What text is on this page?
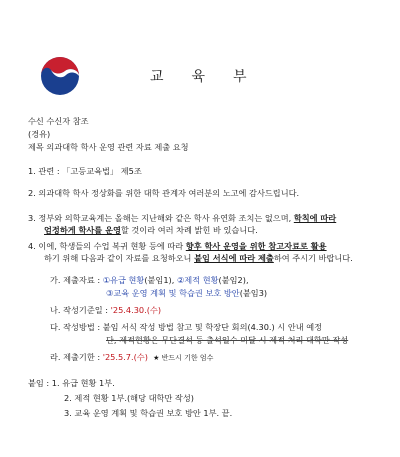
교육부
수신 수신자 참조
(경유)
제목 의과대학 학사 운영 관련 자료 제출 요청
1. 관련 : 「고등교육법」 제5조
2. 의과대학 학사 정상화를 위한 대학 관계자 여러분의 노고에 감사드립니다.
3. 정부와 의학교육계는 올해는 지난해와 같은 학사 유연화 조치는 없으며, 학칙에 따라
엄정하게 학사를 운영할 것이라 여러 차례 밝힌 바 있습니다.
4. 이에, 학생들의 수업 복귀 현황 등에 따라 향후 학사 운영을 위한 참고자료로 활용
하기 위해 다음과 같이 자료를 요청하오니 붙임 서식에 따라 제출하여 주시기 바랍니다.
가. 제출자료 : ①유급 현황(붙임1), ②제적 현황(붙임2),
③교육 운영 계획 및 학습권 보호 방안(붙임3)
나. 작성기준일 : '25.4.30.(수)
다. 작성방법 : 붙임 서식 작성 방법 참고 및 학장단 회의(4.30.) 시 안내 예정
단, 제적현황은 무단결석 등 출석일수 미달 시 제적 처리 대학만 작성
라. 제출기한 : '25.5.7.(수) ★ 반드시 기한 엄수
붙임 : 1. 유급 현황 1부.
2. 제적 현황 1부.(해당 대학만 작성)
3. 교육 운영 계획 및 학습권 보호 방안 1부. 끝.
